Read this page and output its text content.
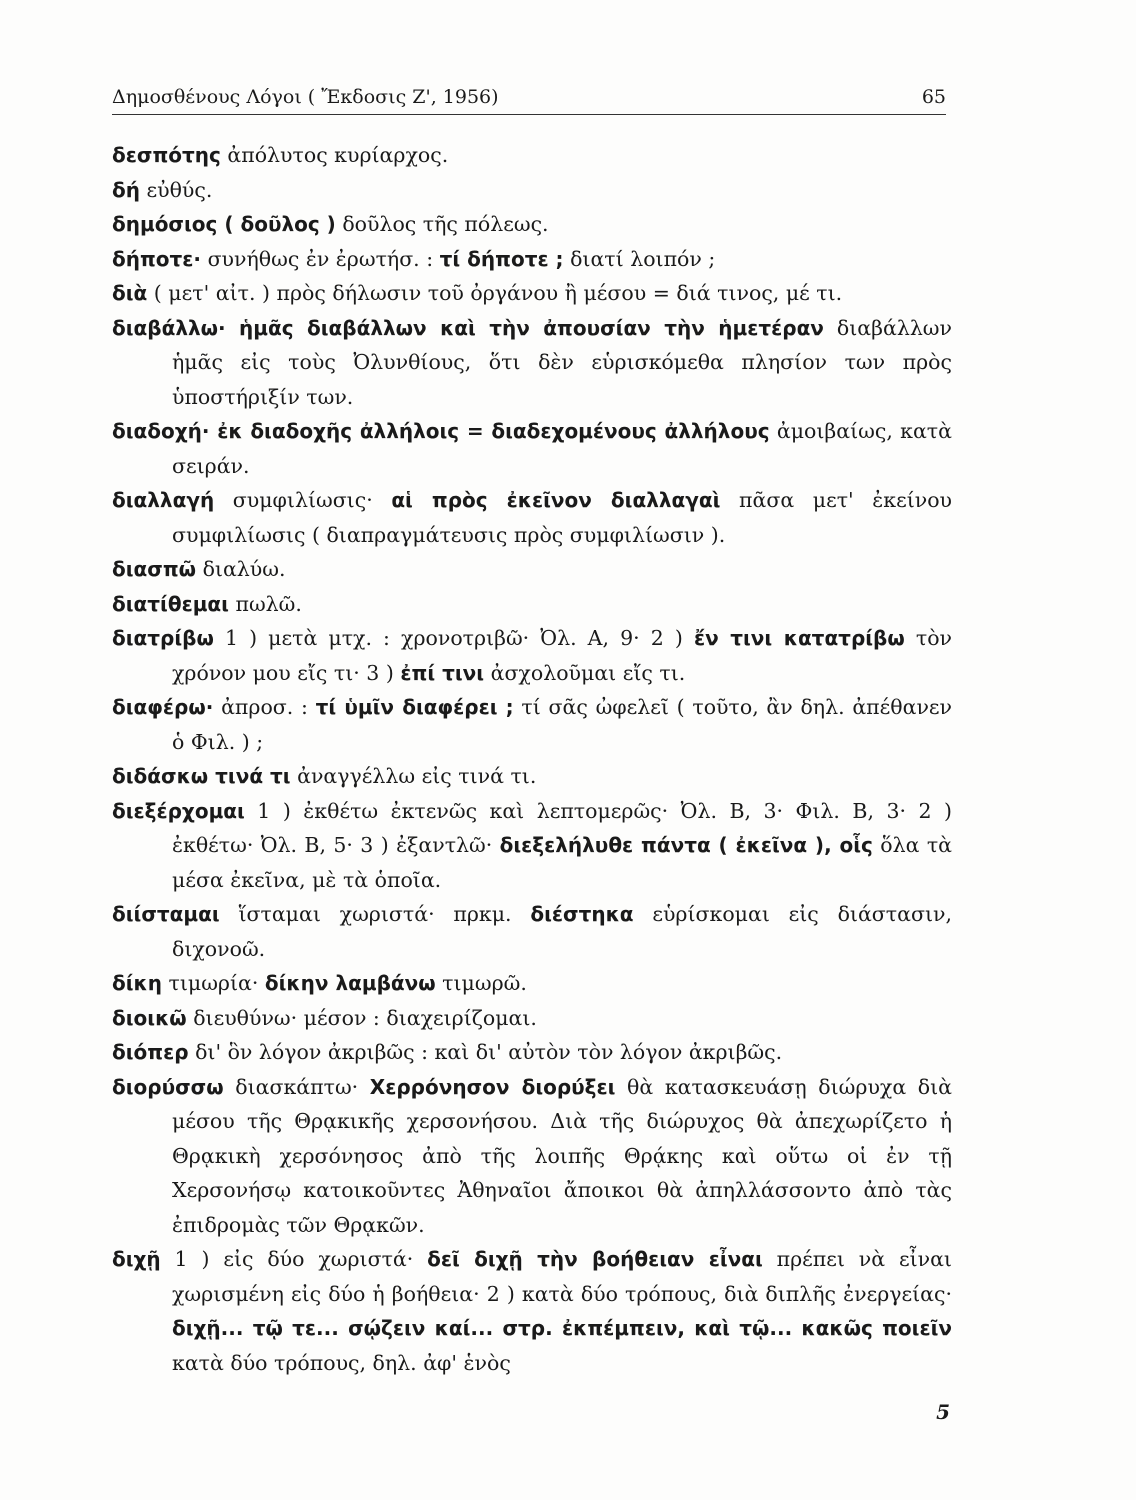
Δημοσθένους Λόγοι ( Ἔκδοσις Ζ', 1956)	65
δεσπότης ἀπόλυτος κυρίαρχος.
δή εὐθύς.
δημόσιος ( δοῦλος ) δοῦλος τῆς πόλεως.
δήποτε· συνήθως ἐν ἐρωτήσ. : τί δήποτε ; διατί λοιπόν ;
διὰ ( μετ' αἰτ. ) πρὸς δήλωσιν τοῦ ὀργάνου ἢ μέσου = διά τινος, μέ τι.
διαβάλλω· ἡμᾶς διαβάλλων καὶ τὴν ἀπουσίαν τὴν ἡμετέραν διαβάλλων ἡμᾶς εἰς τοὺς Ὀλυνθίους, ὅτι δὲν εὑρισκόμεθα πλησίον των πρὸς ὑποστήριξίν των.
διαδοχή· ἐκ διαδοχῆς ἀλλήλοις = διαδεχομένους ἀλλήλους ἀμοιβαίως, κατὰ σειράν.
διαλλαγή συμφιλίωσις· αἱ πρὸς ἐκεῖνον διαλλαγαὶ πᾶσα μετ' ἐκείνου συμφιλίωσις ( διαπραγμάτευσις πρὸς συμφιλίωσιν ).
διασπῶ διαλύω.
διατίθεμαι πωλῶ.
διατρίβω 1 ) μετὰ μτχ. : χρονοτριβῶ· Ὀλ. Α, 9· 2 ) ἔν τινι κατατρίβω τὸν χρόνον μου εἴς τι· 3 ) ἐπί τινι ἀσχολοῦμαι εἴς τι.
διαφέρω· ἀπρoσ. : τί ὑμῖν διαφέρει ; τί σᾶς ὠφελεῖ ( τοῦτο, ἂν δηλ. ἀπέθανεν ὁ Φιλ. ) ;
διδάσκω τινά τι ἀναγγέλλω εἰς τινά τι.
διεξέρχομαι 1 ) ἐκθέτω ἐκτενῶς καὶ λεπτομερῶς· Ὀλ. Β, 3· Φιλ. Β, 3· 2 ) ἐκθέτω· Ὀλ. Β, 5· 3 ) ἐξαντλῶ· διεξελήλυθε πάντα ( ἐκεῖνα ), οἷς ὅλα τὰ μέσα ἐκεῖνα, μὲ τὰ ὁποῖα.
διίσταμαι ἵσταμαι χωριστά· πρκμ. διέστηκα εὑρίσκομαι εἰς διάστασιν, διχονοῶ.
δίκη τιμωρία· δίκην λαμβάνω τιμωρῶ.
διοικῶ διευθύνω· μέσον : διαχειρίζομαι.
διόπερ δι' ὃν λόγον ἀκριβῶς : καὶ δι' αὐτὸν τὸν λόγον ἀκριβῶς.
διορύσσω διασκάπτω· Χερρόνησον διορύξει θὰ κατασκευάσῃ διώρυχα διὰ μέσου τῆς Θρᾳκικῆς χερσονήσου. Διὰ τῆς διώρυχος θὰ ἀπεχωρίζετο ἡ Θρᾳκικὴ χερσόνησος ἀπὸ τῆς λοιπῆς Θρᾴκης καὶ οὕτω οἱ ἐν τῇ Χερσονήσῳ κατοικοῦντες Ἀθηναῖοι ἄποικοι θὰ ἀπηλλάσσοντο ἀπὸ τὰς ἐπιδρομὰς τῶν Θρᾳκῶν.
διχῇ 1 ) εἰς δύο χωριστά· δεῖ διχῇ τὴν βοήθειαν εἶναι πρέπει νὰ εἶναι χωρισμένη εἰς δύο ἡ βοήθεια· 2 ) κατὰ δύο τρόπους, διὰ διπλῆς ἐνεργείας· διχῇ... τῷ τε... σῴζειν καί... στρ. ἐκπέμπειν, καὶ τῷ... κακῶς ποιεῖν κατὰ δύο τρόπους, δηλ. ἀφ' ἑνὸς
5
